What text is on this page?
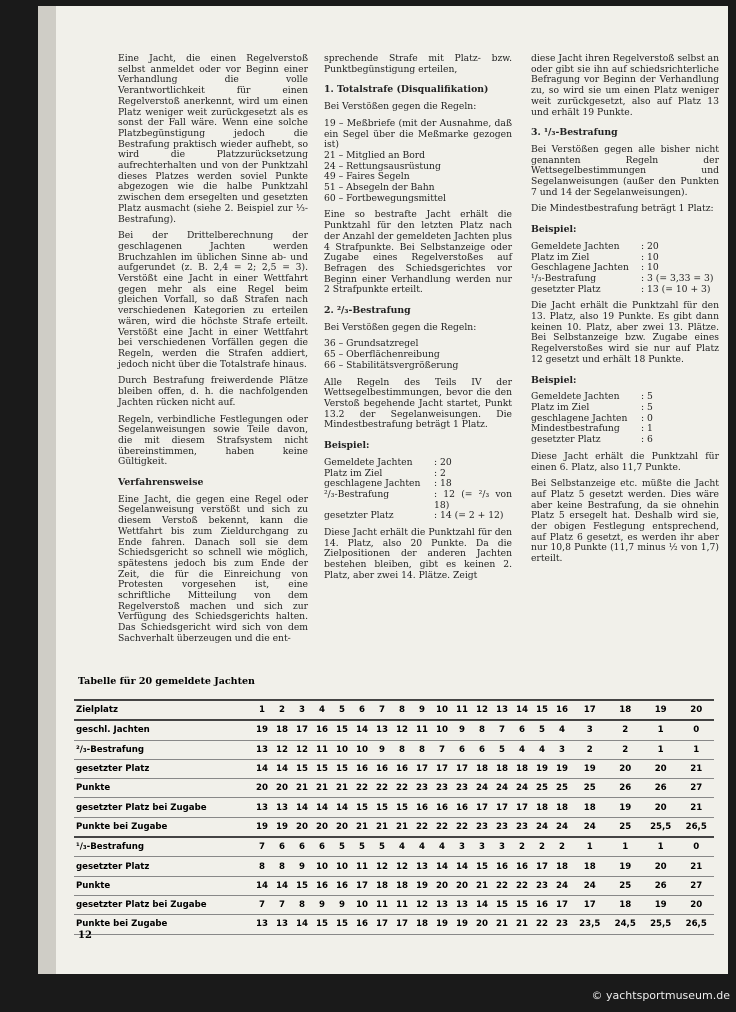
Eine Jacht, die einen Regelverstoß selbst anmeldet oder vor Beginn einer Verhandlung die volle Verantwortlichkeit für einen Regelverstoß anerkennt, wird um einen Platz weniger weit zurückgesetzt als es sonst der Fall wäre. Wenn eine solche Platzbegünstigung jedoch die Bestrafung praktisch wieder aufhebt, so wird die Platzzurücksetzung aufrechterhalten und von der Punktzahl dieses Platzes werden soviel Punkte abgezogen wie die halbe Punktzahl zwischen dem ersegelten und gesetzten Platz ausmacht (siehe 2. Beispiel zur ⅓-Bestrafung).

Bei der Drittelberechnung der geschlagenen Jachten werden Bruchzahlen im üblichen Sinne ab- und aufgerundet (z. B. 2,4 = 2; 2,5 = 3). Verstößt eine Jacht in einer Wettfahrt gegen mehr als eine Regel beim gleichen Vorfall, so daß Strafen nach verschiedenen Kategorien zu erteilen wären, wird die höchste Strafe erteilt. Verstößt eine Jacht in einer Wettfahrt bei verschiedenen Vorfällen gegen die Regeln, werden die Strafen addiert, jedoch nicht über die Totalstrafe hinaus.

Durch Bestrafung freiwerdende Plätze bleiben offen, d. h. die nachfolgenden Jachten rücken nicht auf.

Regeln, verbindliche Festlegungen oder Segelanweisungen sowie Teile davon, die mit diesem Strafsystem nicht übereinstimmen, haben keine Gültigkeit.

Verfahrensweise

Eine Jacht, die gegen eine Regel oder Segelanweisung verstößt und sich zu diesem Verstoß bekennt, kann die Wettfahrt bis zum Zieldurchgang zu Ende fahren. Danach soll sie dem Schiedsgericht so schnell wie möglich, spätestens jedoch bis zum Ende der Zeit, die für die Einreichung von Protesten vorgesehen ist, eine schriftliche Mitteilung von dem Regelverstoß machen und sich zur Verfügung des Schiedsgerichts halten. Das Schiedsgericht wird sich von dem Sachverhalt überzeugen und die ent-

sprechende Strafe mit Platz- bzw. Punktbegünstigung erteilen,

1. Totalstrafe (Disqualifikation)

Bei Verstößen gegen die Regeln:

19 – Meßbriefe (mit der Ausnahme, daß ein Segel über die Meßmarke gezogen ist)
21 – Mitglied an Bord
24 – Rettungsausrüstung
49 – Faires Segeln
51 – Absegeln der Bahn
60 – Fortbewegungsmittel

Eine so bestrafte Jacht erhält die Punktzahl für den letzten Platz nach der Anzahl der gemeldeten Jachten plus 4 Strafpunkte. Bei Selbstanzeige oder Zugabe eines Regelverstoßes auf Befragen des Schiedsgerichtes vor Beginn einer Verhandlung werden nur 2 Strafpunkte erteilt.

2. ²/₃-Bestrafung

Bei Verstößen gegen die Regeln:

36 – Grundsatzregel
65 – Oberflächenreibung
66 – Stabilitätsvergrößerung

Alle Regeln des Teils IV der Wettsegelbestimmungen, bevor die den Verstoß begehende Jacht startet, Punkt 13.2 der Segelanweisungen. Die Mindestbestrafung beträgt 1 Platz.

Beispiel:
Gemeldete Jachten	: 20
Platz im Ziel	: 2
geschlagene Jachten	: 18
²/₃-Bestrafung	: 12 (= ²/₃ von 18)
gesetzter Platz	: 14 (= 2 + 12)

Diese Jacht erhält die Punktzahl für den 14. Platz, also 20 Punkte. Da die Zielpositionen der anderen Jachten bestehen bleiben, gibt es keinen 2. Platz, aber zwei 14. Plätze. Zeigt

diese Jacht ihren Regelverstoß selbst an oder gibt sie ihn auf schiedsrichterliche Befragung vor Beginn der Verhandlung zu, so wird sie um einen Platz weniger weit zurückgesetzt, also auf Platz 13 und erhält 19 Punkte.

3. ¹/₃-Bestrafung

Bei Verstößen gegen alle bisher nicht genannten Regeln der Wettsegelbestimmungen und Segelanweisungen (außer den Punkten 7 und 14 der Segelanweisungen).

Die Mindestbestrafung beträgt 1 Platz:

Beispiel:
Gemeldete Jachten	: 20
Platz im Ziel	: 10
Geschlagene Jachten	: 10
¹/₃-Bestrafung	: 3 (= 3,33 = 3)
gesetzter Platz	: 13 (= 10 + 3)

Die Jacht erhält die Punktzahl für den 13. Platz, also 19 Punkte. Es gibt dann keinen 10. Platz, aber zwei 13. Plätze. Bei Selbstanzeige bzw. Zugabe eines Regelverstoßes wird sie nur auf Platz 12 gesetzt und erhält 18 Punkte.

Beispiel:
Gemeldete Jachten	: 5
Platz im Ziel	: 5
geschlagene Jachten	: 0
Mindestbestrafung	: 1
gesetzter Platz	: 6

Diese Jacht erhält die Punktzahl für einen 6. Platz, also 11,7 Punkte.

Bei Selbstanzeige etc. müßte die Jacht auf Platz 5 gesetzt werden. Dies wäre aber keine Bestrafung, da sie ohnehin Platz 5 ersegelt hat. Deshalb wird sie, der obigen Festlegung entsprechend, auf Platz 6 gesetzt, es werden ihr aber nur 10,8 Punkte (11,7 minus ½ von 1,7) erteilt.

Tabelle für 20 gemeldete Jachten
Zielplatz	1	2	3	4	5	6	7	8	9	10	11	12	13	14	15	16	17	18	19	20
geschl. Jachten	19	18	17	16	15	14	13	12	11	10	9	8	7	6	5	4	3	2	1	0
²/₃-Bestrafung	13	12	12	11	10	10	9	8	8	7	6	6	5	4	4	3	2	2	1	1
gesetzter Platz	14	14	15	15	15	16	16	16	17	17	17	18	18	18	19	19	19	20	20	21
Punkte	20	20	21	21	21	22	22	22	23	23	23	24	24	24	25	25	25	26	26	27
gesetzter Platz bei Zugabe	13	13	14	14	14	15	15	15	16	16	16	17	17	17	18	18	18	19	20	21
Punkte bei Zugabe	19	19	20	20	20	21	21	21	22	22	22	23	23	23	24	24	24	25	25,5	26,5
¹/₃-Bestrafung	7	6	6	6	5	5	5	4	4	4	3	3	3	2	2	2	1	1	1	0
gesetzter Platz	8	8	9	10	10	11	12	12	13	14	14	15	16	16	17	18	18	19	20	21
Punkte	14	14	15	16	16	17	18	18	19	20	20	21	22	22	23	24	24	25	26	27
gesetzter Platz bei Zugabe	7	7	8	9	9	10	11	11	12	13	13	14	15	15	16	17	17	18	19	20
Punkte bei Zugabe	13	13	14	15	15	16	17	17	18	19	19	20	21	21	22	23	23,5	24,5	25,5	26,5
12
© yachtsportmuseum.de
